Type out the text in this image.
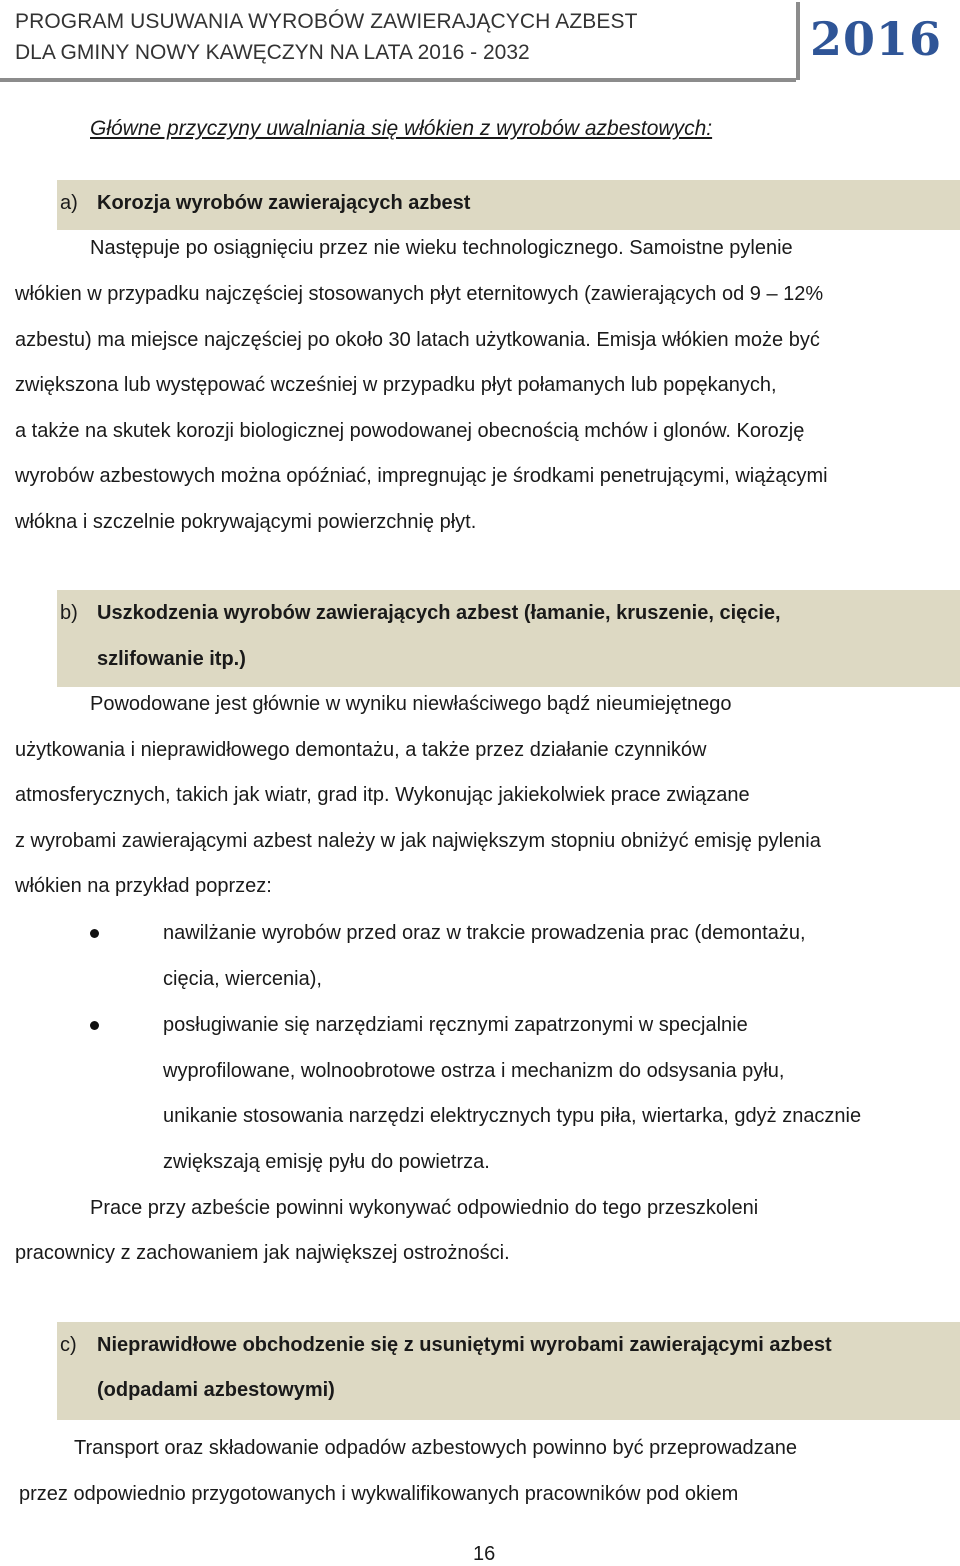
PROGRAM USUWANIA WYROBÓW ZAWIERAJĄCYCH AZBEST
DLA GMINY NOWY KAWĘCZYN NA LATA 2016 - 2032	2016
Główne przyczyny uwalniania się włókien z wyrobów azbestowych:
a) Korozja wyrobów zawierających azbest
Następuje po osiągnięciu przez nie wieku technologicznego. Samoistne pylenie
włókien w przypadku najczęściej stosowanych płyt eternitowych (zawierających od 9 – 12%
azbestu) ma miejsce najczęściej po około 30 latach użytkowania. Emisja włókien może być
zwiększona lub występować wcześniej w przypadku płyt połamanych lub popękanych,
a także na skutek korozji biologicznej powodowanej obecnością mchów i glonów. Korozję
wyrobów azbestowych można opóźniać, impregnując je środkami penetrującymi, wiążącymi
włókna i szczelnie pokrywającymi powierzchnię płyt.
b) Uszkodzenia wyrobów zawierających azbest (łamanie, kruszenie, cięcie,
szlifowanie itp.)
Powodowane jest głównie w wyniku niewłaściwego bądź nieumiejętnego
użytkowania i nieprawidłowego demontażu, a także przez działanie czynników
atmosferycznych, takich jak wiatr, grad itp. Wykonując jakiekolwiek prace związane
z wyrobami zawierającymi azbest należy w jak największym stopniu obniżyć emisję pylenia
włókien na przykład poprzez:
nawilżanie wyrobów przed oraz w trakcie prowadzenia prac (demontażu,
cięcia, wiercenia),
posługiwanie się narzędziami ręcznymi zapatrzonymi w specjalnie
wyprofilowane, wolnoobrotowe ostrza i mechanizm do odsysania pyłu,
unikanie stosowania narzędzi elektrycznych typu piła, wiertarka, gdyż znacznie
zwiększają emisję pyłu do powietrza.
Prace przy azbeście powinni wykonywać odpowiednio do tego przeszkoleni
pracownicy z zachowaniem jak największej ostrożności.
c) Nieprawidłowe obchodzenie się z usuniętymi wyrobami zawierającymi azbest
(odpadami azbestowymi)
Transport oraz składowanie odpadów azbestowych powinno być przeprowadzane
przez odpowiednio przygotowanych i wykwalifikowanych pracowników pod okiem
16
